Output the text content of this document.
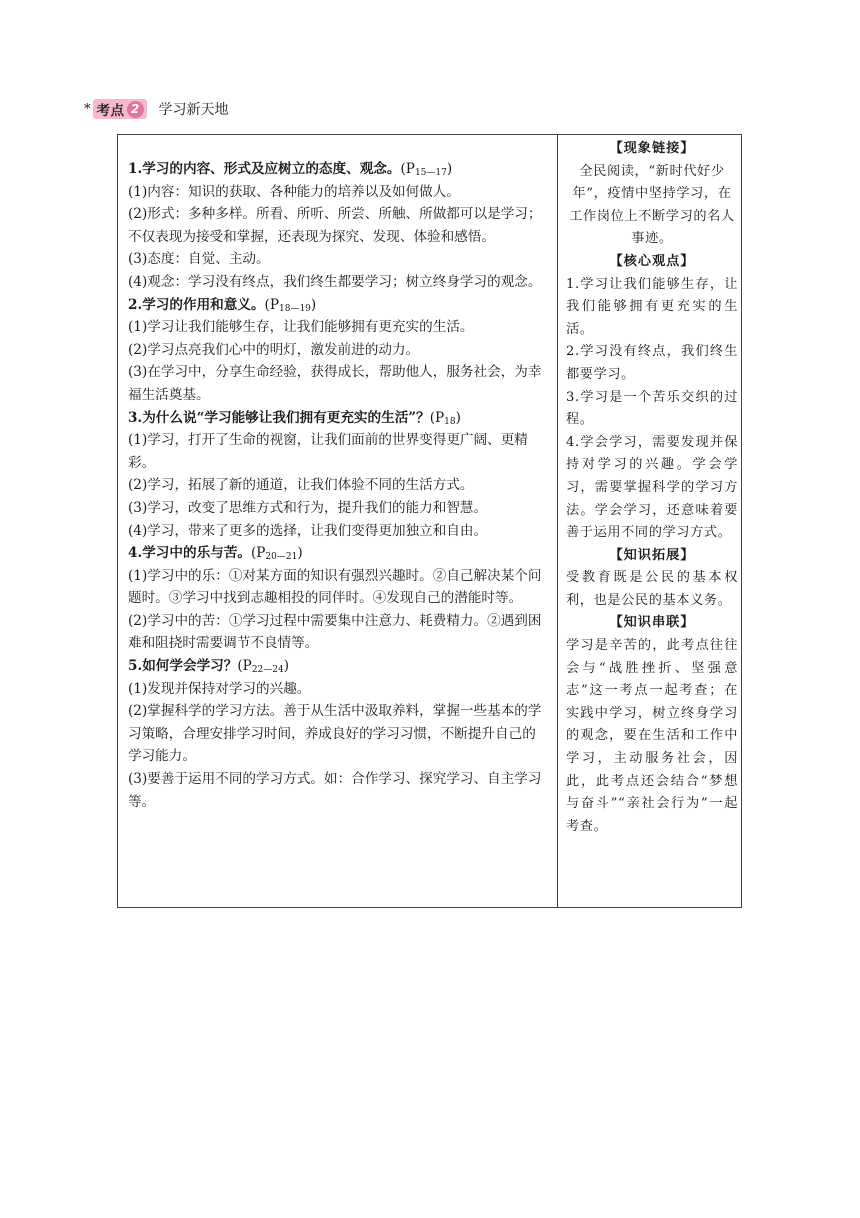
* 考点 2	学习新天地

1.学习的内容、形式及应树立的态度、观念。$(P_{15—17})$

(1)内容：知识的获取、各种能力的培养以及如何做人。

(2)形式：多种多样。所看、所听、所尝、所触、所做都可以是学习；不仅表现为接受和掌握，还表现为探究、发现、体验和感悟。

(3)态度：自觉、主动。

(4)观念：学习没有终点，我们终生都要学习；树立终身学习的观念。

2.学习的作用和意义。$(P_{18—19})$

(1)学习让我们能够生存，让我们能够拥有更充实的生活。

(2)学习点亮我们心中的明灯，激发前进的动力。

(3)在学习中，分享生命经验，获得成长，帮助他人，服务社会，为幸福生活奠基。

3.为什么说“学习能够让我们拥有更充实的生活”？$(P_{18})$

(1)学习，打开了生命的视窗，让我们面前的世界变得更广阔、更精彩。

(2)学习，拓展了新的通道，让我们体验不同的生活方式。

(3)学习，改变了思维方式和行为，提升我们的能力和智慧。

(4)学习，带来了更多的选择，让我们变得更加独立和自由。

4.学习中的乐与苦。$(P_{20—21})$

(1)学习中的乐：①对某方面的知识有强烈兴趣时。②自己解决某个问题时。③学习中找到志趣相投的同伴时。④发现自己的潜能时等。

(2)学习中的苦：①学习过程中需要集中注意力、耗费精力。②遇到困难和阻挠时需要调节不良情等。

5.如何学会学习？$(P_{22—24})$

(1)发现并保持对学习的兴趣。

(2)掌握科学的学习方法。善于从生活中汲取养料，掌握一些基本的学习策略，合理安排学习时间，养成良好的学习习惯，不断提升自己的学习能力。

(3)要善于运用不同的学习方式。如：合作学习、探究学习、自主学习等。

【现象链接】

全民阅读，“新时代好少年”，疫情中坚持学习，在工作岗位上不断学习的名人事迹。

【核心观点】

1.学习让我们能够生存，让我们能够拥有更充实的生活。

2.学习没有终点，我们终生都要学习。

3.学习是一个苦乐交织的过程。

4.学会学习，需要发现并保持对学习的兴趣。学会学习，需要掌握科学的学习方法。学会学习，还意味着要善于运用不同的学习方式。

【知识拓展】

受教育既是公民的基本权利，也是公民的基本义务。

【知识串联】

学习是辛苦的，此考点往往会与“战胜挫折、坚强意志”这一考点一起考查；在实践中学习，树立终身学习的观念，要在生活和工作中学习，主动服务社会，因此，此考点还会结合“梦想与奋斗”“亲社会行为”一起考查。
